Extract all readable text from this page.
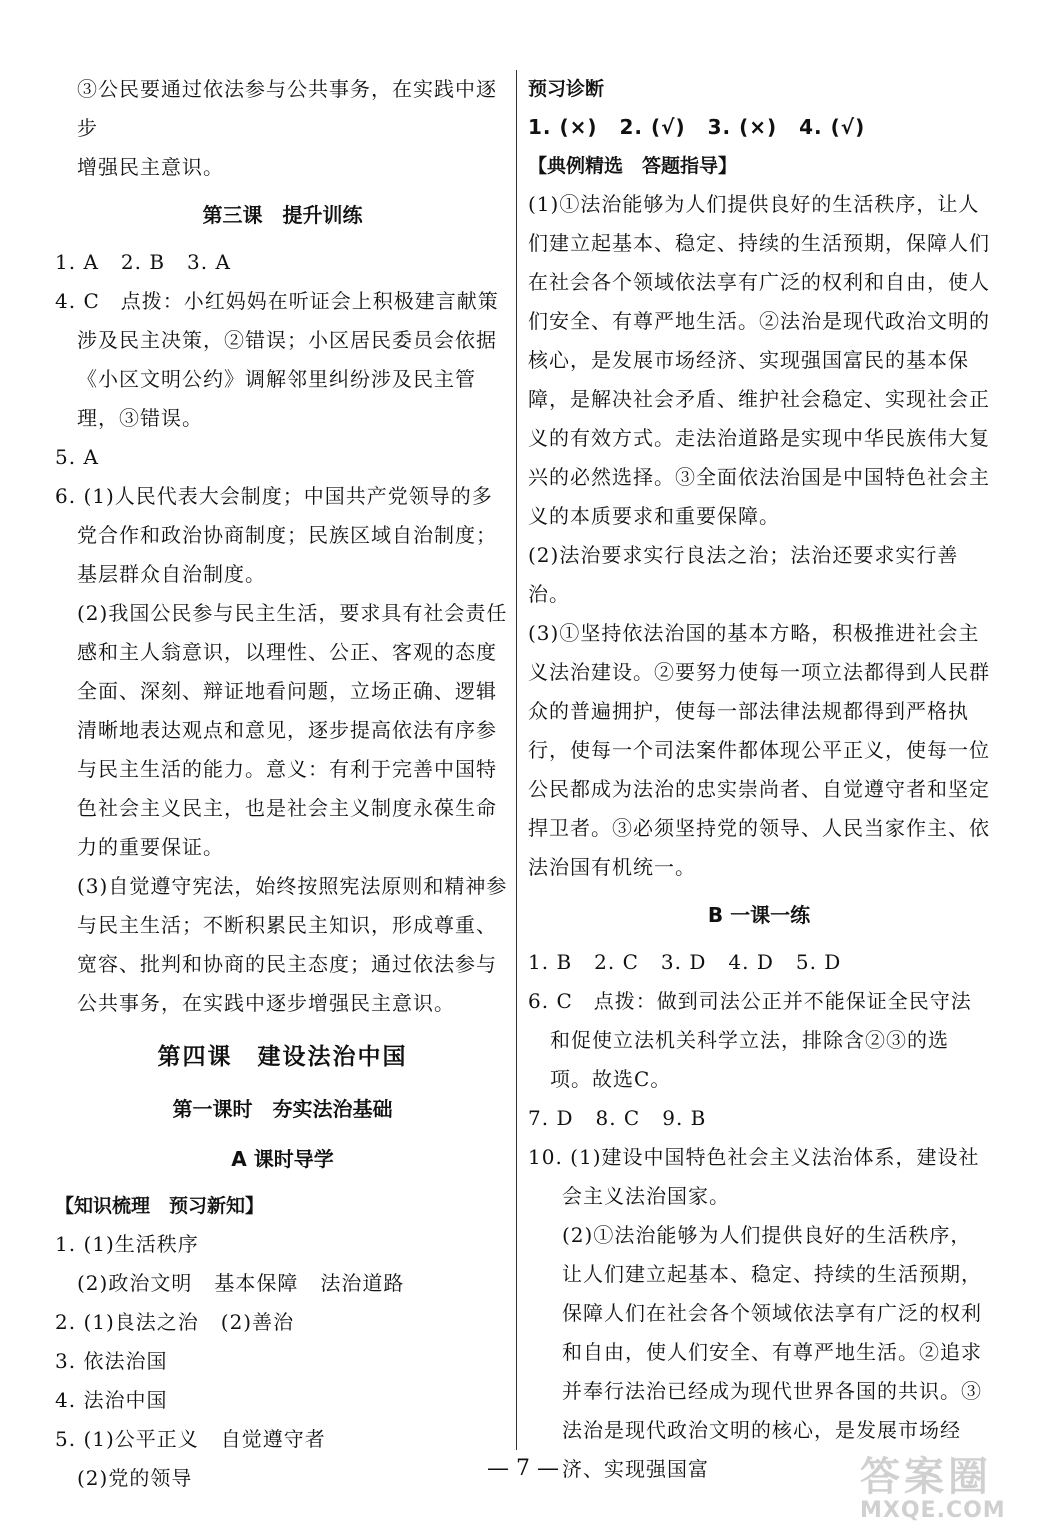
③公民要通过依法参与公共事务，在实践中逐步

增强民主意识。

第三课　提升训练

1. A 2. B 3. A

4. C　点拨：小红妈妈在听证会上积极建言献策涉及民主决策，②错误；小区居民委员会依据《小区文明公约》调解邻里纠纷涉及民主管理，③错误。

5. A

6. (1)人民代表大会制度；中国共产党领导的多党合作和政治协商制度；民族区域自治制度；基层群众自治制度。

(2)我国公民参与民主生活，要求具有社会责任感和主人翁意识，以理性、公正、客观的态度全面、深刻、辩证地看问题，立场正确、逻辑清晰地表达观点和意见，逐步提高依法有序参与民主生活的能力。意义：有利于完善中国特色社会主义民主，也是社会主义制度永葆生命力的重要保证。

(3)自觉遵守宪法，始终按照宪法原则和精神参与民主生活；不断积累民主知识，形成尊重、宽容、批判和协商的民主态度；通过依法参与公共事务，在实践中逐步增强民主意识。

第四课　建设法治中国

第一课时　夯实法治基础

A 课时导学

【知识梳理　预习新知】

1. (1)生活秩序

(2)政治文明 基本保障 法治道路

2. (1)良法之治 (2)善治

3. 依法治国

4. 法治中国

5. (1)公平正义 自觉遵守者

(2)党的领导

预习诊断

1. (×) 2. (√) 3. (×) 4. (√)

【典例精选　答题指导】

(1)①法治能够为人们提供良好的生活秩序，让人们建立起基本、稳定、持续的生活预期，保障人们在社会各个领域依法享有广泛的权利和自由，使人们安全、有尊严地生活。②法治是现代政治文明的核心，是发展市场经济、实现强国富民的基本保障，是解决社会矛盾、维护社会稳定、实现社会正义的有效方式。走法治道路是实现中华民族伟大复兴的必然选择。③全面依法治国是中国特色社会主义的本质要求和重要保障。

(2)法治要求实行良法之治；法治还要求实行善治。

(3)①坚持依法治国的基本方略，积极推进社会主义法治建设。②要努力使每一项立法都得到人民群众的普遍拥护，使每一部法律法规都得到严格执行，使每一个司法案件都体现公平正义，使每一位公民都成为法治的忠实崇尚者、自觉遵守者和坚定捍卫者。③必须坚持党的领导、人民当家作主、依法治国有机统一。

B 一课一练

1. B 2. C 3. D 4. D 5. D

6. C　点拨：做到司法公正并不能保证全民守法和促使立法机关科学立法，排除含②③的选项。故选C。

7. D 8. C 9. B

10. (1)建设中国特色社会主义法治体系，建设社会主义法治国家。

(2)①法治能够为人们提供良好的生活秩序，让人们建立起基本、稳定、持续的生活预期，保障人们在社会各个领域依法享有广泛的权利和自由，使人们安全、有尊严地生活。②追求并奉行法治已经成为现代世界各国的共识。③法治是现代政治文明的核心，是发展市场经济、实现强国富

— 7 —	答案圈
MXQE.COM
